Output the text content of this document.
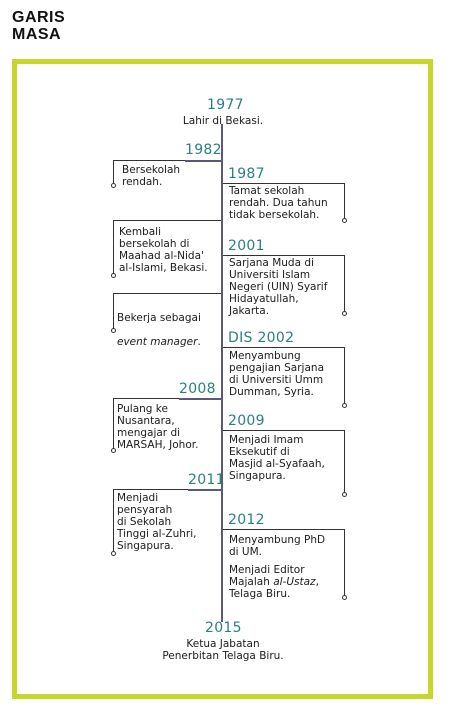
GARIS
MASA
1977
Lahir di Bekasi.
1982
Bersekolah
rendah.	1987
Tamat sekolah
rendah. Dua tahun
tidak bersekolah.
Kembali
bersekolah di
Maahad al-Nida'
al-Islami, Bekasi.
2001
Sarjana Muda di
Universiti Islam
Negeri (UIN) Syarif
Hidayatullah,
Jakarta.

Bekerja sebagai

event manager. DIS 2002
Menyambung
pengajian Sarjana
di Universiti Umm
Dumman, Syria.
2008
Pulang ke
Nusantara,
mengajar di
MARSAH, Johor.
2009
Menjadi Imam
Eksekutif di
Masjid al-Syafaah,
Singapura.
2011
Menjadi
pensyarah
di Sekolah
Tinggi al-Zuhri,
Singapura.
2012
Menyambung PhD
di UM.
Menjadi Editor
Majalah al-Ustaz,
Telaga Biru.
2015
Ketua Jabatan
Penerbitan Telaga Biru.
